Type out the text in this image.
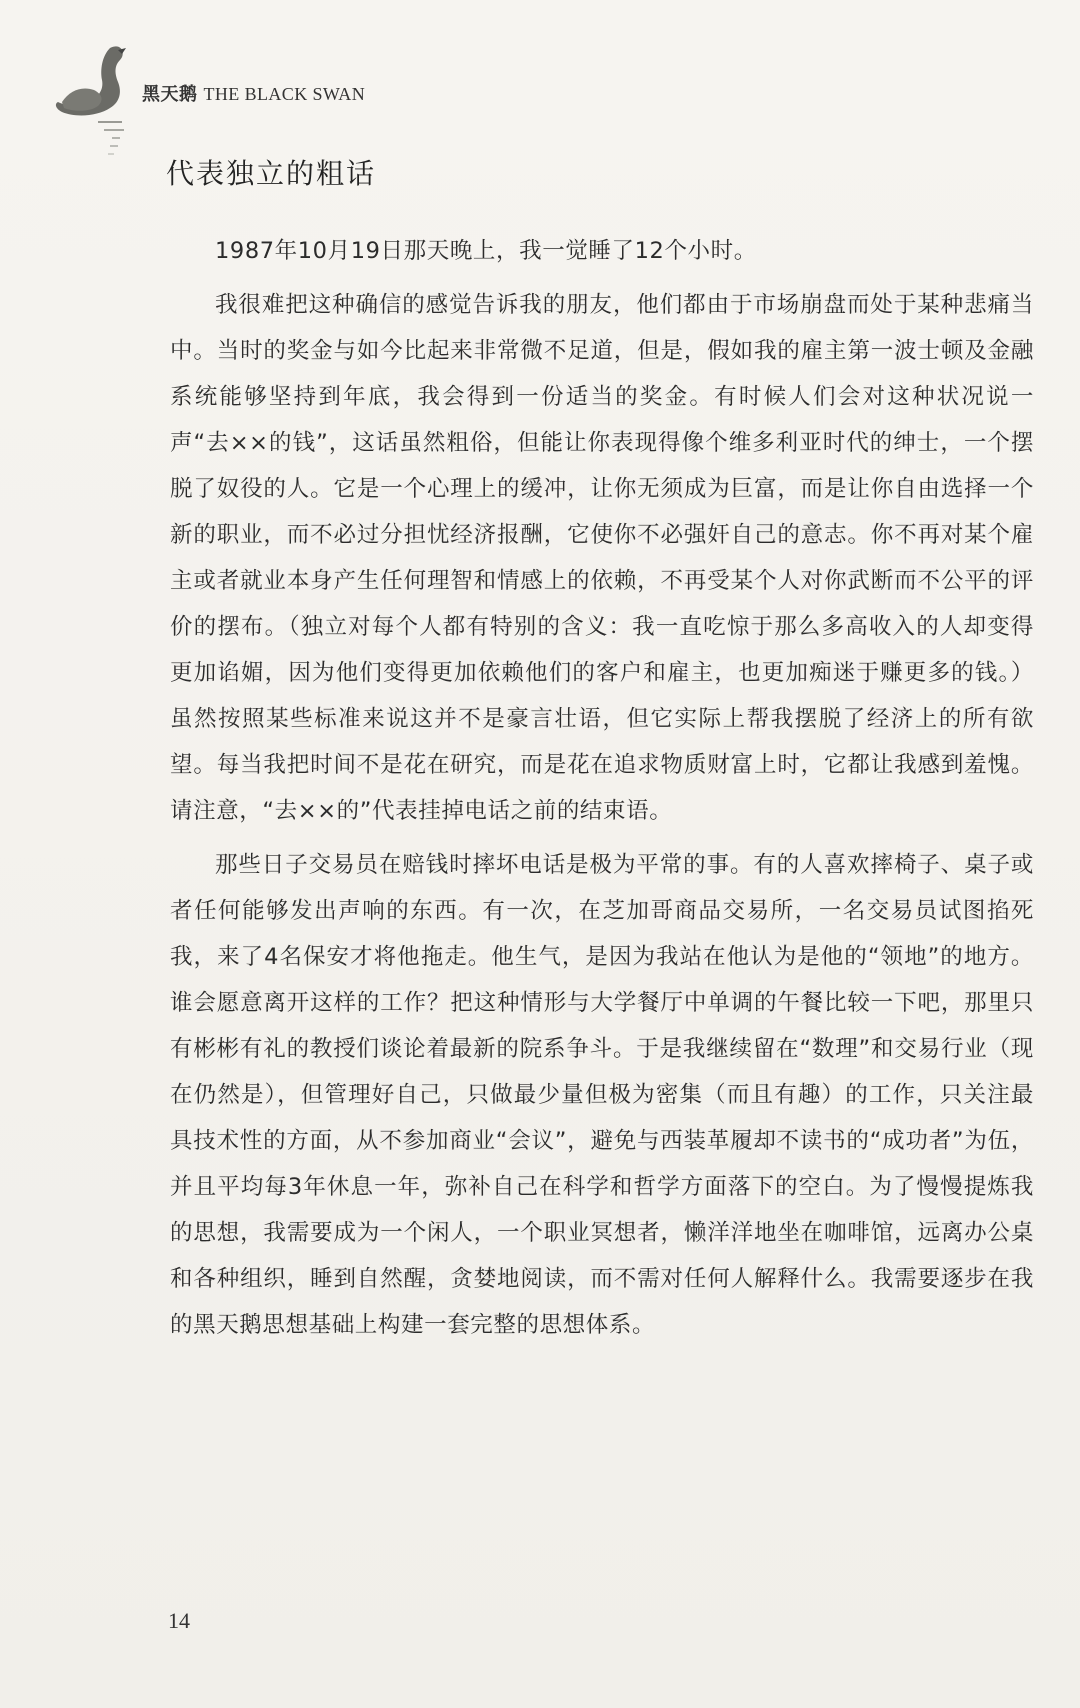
黑天鹅 THE BLACK SWAN
代表独立的粗话

1987年10月19日那天晚上，我一觉睡了12个小时。

我很难把这种确信的感觉告诉我的朋友，他们都由于市场崩盘而处于某种悲痛当中。当时的奖金与如今比起来非常微不足道，但是，假如我的雇主第一波士顿及金融系统能够坚持到年底，我会得到一份适当的奖金。有时候人们会对这种状况说一声“去××的钱”，这话虽然粗俗，但能让你表现得像个维多利亚时代的绅士，一个摆脱了奴役的人。它是一个心理上的缓冲，让你无须成为巨富，而是让你自由选择一个新的职业，而不必过分担忧经济报酬，它使你不必强奸自己的意志。你不再对某个雇主或者就业本身产生任何理智和情感上的依赖，不再受某个人对你武断而不公平的评价的摆布。（独立对每个人都有特别的含义：我一直吃惊于那么多高收入的人却变得更加谄媚，因为他们变得更加依赖他们的客户和雇主，也更加痴迷于赚更多的钱。）虽然按照某些标准来说这并不是豪言壮语，但它实际上帮我摆脱了经济上的所有欲望。每当我把时间不是花在研究，而是花在追求物质财富上时，它都让我感到羞愧。请注意，“去××的”代表挂掉电话之前的结束语。

那些日子交易员在赔钱时摔坏电话是极为平常的事。有的人喜欢摔椅子、桌子或者任何能够发出声响的东西。有一次，在芝加哥商品交易所，一名交易员试图掐死我，来了4名保安才将他拖走。他生气，是因为我站在他认为是他的“领地”的地方。谁会愿意离开这样的工作？把这种情形与大学餐厅中单调的午餐比较一下吧，那里只有彬彬有礼的教授们谈论着最新的院系争斗。于是我继续留在“数理”和交易行业（现在仍然是），但管理好自己，只做最少量但极为密集（而且有趣）的工作，只关注最具技术性的方面，从不参加商业“会议”，避免与西装革履却不读书的“成功者”为伍，并且平均每3年休息一年，弥补自己在科学和哲学方面落下的空白。为了慢慢提炼我的思想，我需要成为一个闲人，一个职业冥想者，懒洋洋地坐在咖啡馆，远离办公桌和各种组织，睡到自然醒，贪婪地阅读，而不需对任何人解释什么。我需要逐步在我的黑天鹅思想基础上构建一套完整的思想体系。

14
